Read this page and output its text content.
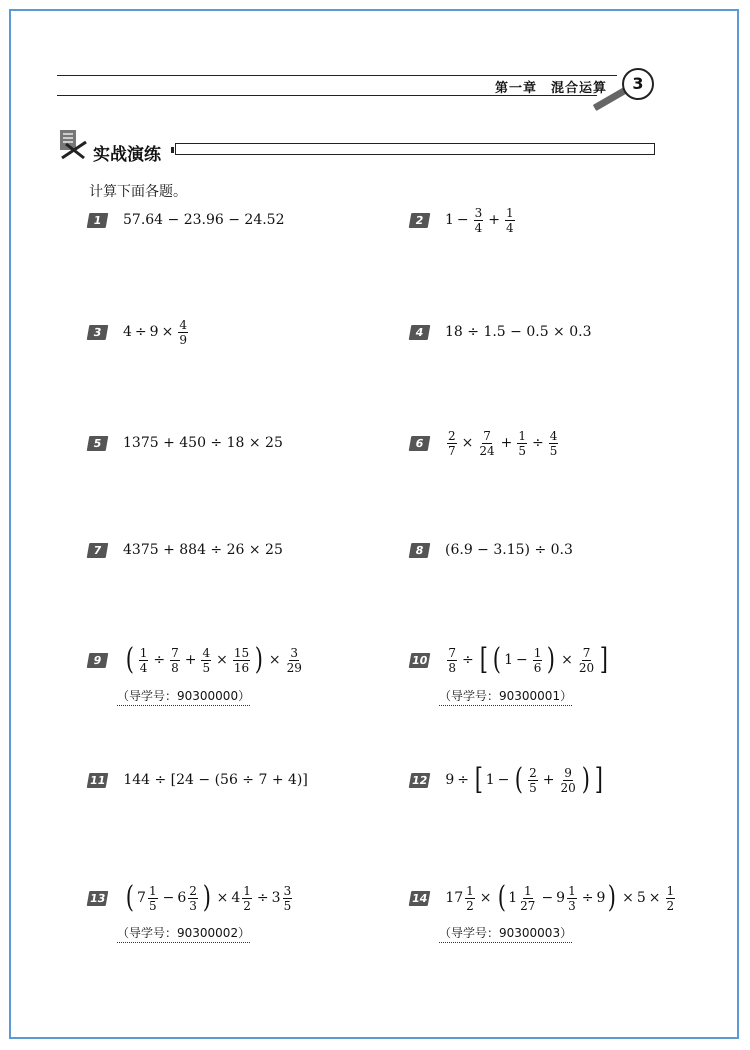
第一章　混合运算	3
实战演练
计算下面各题。
1	57.64 − 23.96 − 24.52	2	$1 - \frac{3}{4} + \frac{1}{4}$
3	$4 \div 9 \times \frac{4}{9}$	4	18 ÷ 1.5 − 0.5 × 0.3
5	1375 + 450 ÷ 18 × 25	6	$\frac{2}{7} \times \frac{7}{24} + \frac{1}{5} \div \frac{4}{5}$
7	4375 + 884 ÷ 26 × 25	8	(6.9 − 3.15) ÷ 0.3
9 ( $\frac{1}{4} \div \frac{7}{8} + \frac{4}{5} \times \frac{15}{16}$ ) × $\frac{3}{29}$
（导学号：90300000）
$10 \frac{7}{8}$ ÷ [ ( $1 - \frac{1}{6}$ ) × $\frac{7}{20}$ ]
（导学号：90300001）
11 144 ÷ [24 − (56 ÷ 7 + 4)]	12 9 ÷ [ 1 − ( $\frac{2}{5} + \frac{9}{20}$ ) ]
13 ( $7 \frac{1}{5} - 6 \frac{2}{3}$ ) × $4 \frac{1}{2} \div 3 \frac{3}{5}$
（导学号：90300002）
14 $17 \frac{1}{2}$ × ( $1 \frac{1}{27} - 9 \frac{1}{3} \div 9$ ) × $5 \times \frac{1}{2}$
（导学号：90300003）
